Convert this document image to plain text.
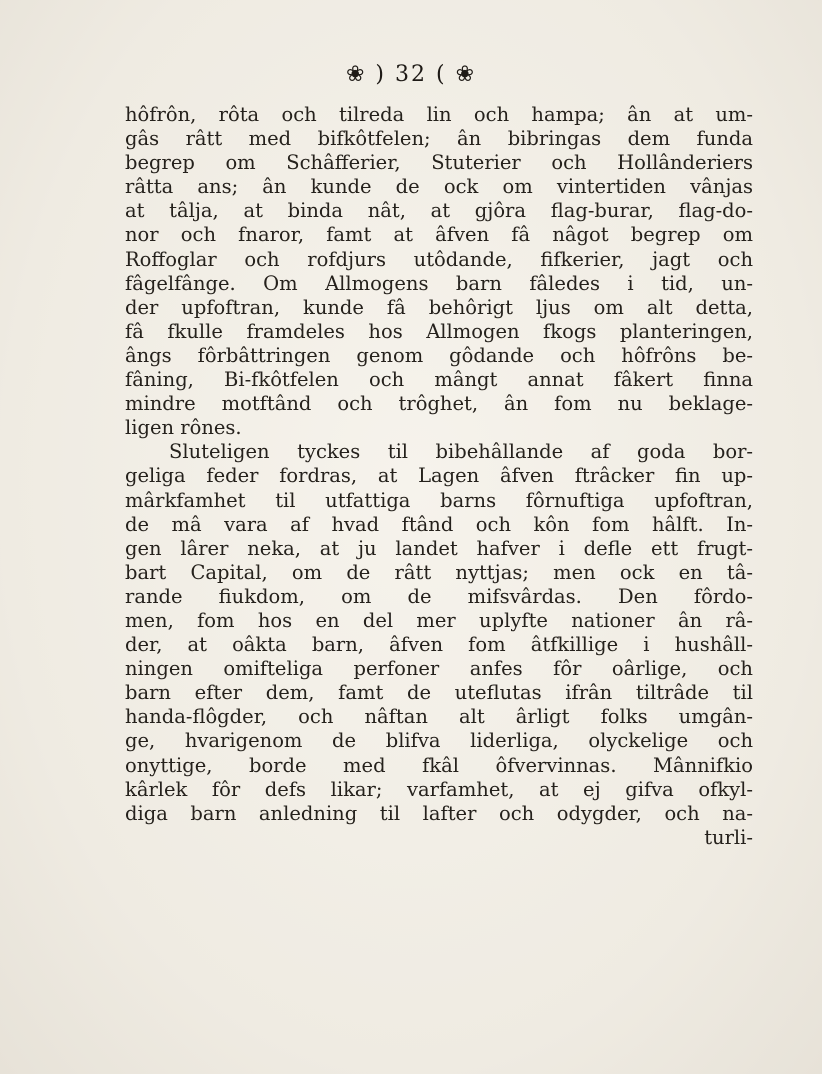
❀ ) 32 ( ❀
hôfrôn, rôta och tilreda lin och hampa; ân at um-
gâs râtt med bifkôtfelen; ân bibringas dem funda
begrep om Schâfferier, Stuterier och Hollânderiers
râtta ans; ân kunde de ock om vintertiden vânjas
at tâlja, at binda nât, at gjôra flag-burar, flag-do-
nor och fnaror, famt at âfven fâ nâgot begrep om
Roffoglar och rofdjurs utôdande, fifkerier, jagt och
fâgelfânge. Om Allmogens barn fâledes i tid, un-
der upfoftran, kunde fâ behôrigt ljus om alt detta,
fâ fkulle framdeles hos Allmogen fkogs planteringen,
ângs fôrbâttringen genom gôdande och hôfrôns be-
fâning, Bi-fkôtfelen och mângt annat fâkert finna
mindre motftând och trôghet, ân fom nu beklage-
ligen rônes.
Sluteligen tyckes til bibehâllande af goda bor-
geliga feder fordras, at Lagen âfven ftrâcker fin up-
mârkfamhet til utfattiga barns fôrnuftiga upfoftran,
de mâ vara af hvad ftând och kôn fom hâlft. In-
gen lârer neka, at ju landet hafver i defle ett frugt-
bart Capital, om de râtt nyttjas; men ock en tâ-
rande fiukdom, om de mifsvârdas. Den fôrdo-
men, fom hos en del mer uplyfte nationer ân râ-
der, at oâkta barn, âfven fom âtfkillige i hushâll-
ningen omifteliga perfoner anfes fôr oârlige, och
barn efter dem, famt de uteflutas ifrân tiltrâde til
handa-flôgder, och nâftan alt ârligt folks umgân-
ge, hvarigenom de blifva liderliga, olyckelige och
onyttige, borde med fkâl ôfvervinnas. Mânnifkio
kârlek fôr defs likar; varfamhet, at ej gifva ofkyl-
diga barn anledning til lafter och odygder, och na-
turli-
